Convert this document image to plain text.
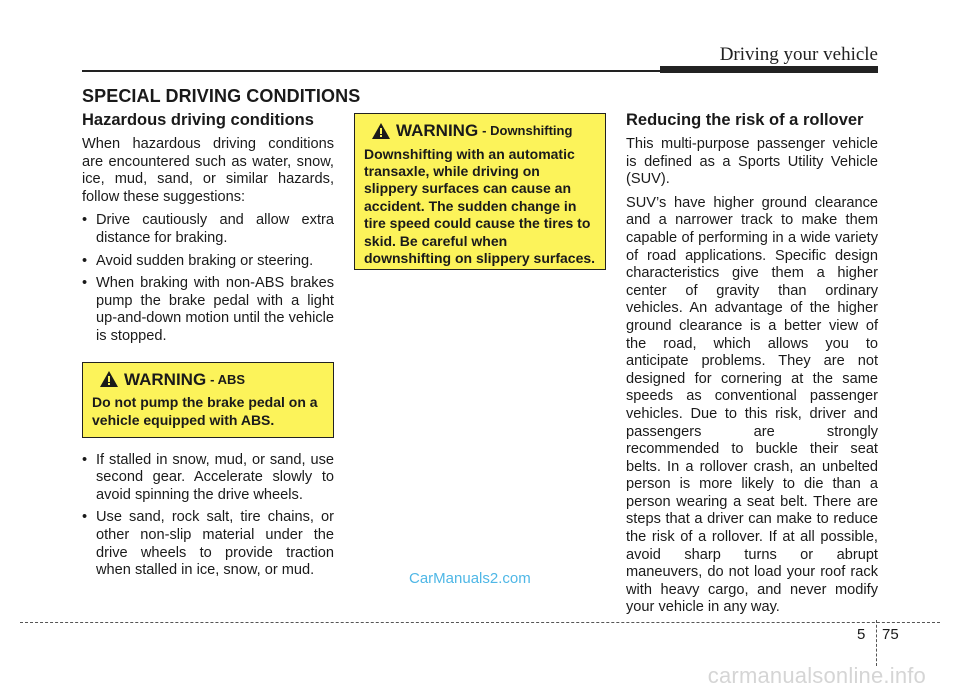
Driving your vehicle
SPECIAL DRIVING CONDITIONS
Hazardous driving conditions

When hazardous driving conditions are encountered such as water, snow, ice, mud, sand, or similar hazards, follow these suggestions:

• Drive cautiously and allow extra distance for braking.
• Avoid sudden braking or steering.
• When braking with non-ABS brakes pump the brake pedal with a light up-and-down motion until the vehicle is stopped.
WARNING - ABS
Do not pump the brake pedal on a vehicle equipped with ABS.
• If stalled in snow, mud, or sand, use second gear. Accelerate slowly to avoid spinning the drive wheels.
• Use sand, rock salt, tire chains, or other non-slip material under the drive wheels to provide traction when stalled in ice, snow, or mud.
WARNING - Downshifting
Downshifting with an automatic transaxle, while driving on slippery surfaces can cause an accident. The sudden change in tire speed could cause the tires to skid. Be careful when downshifting on slippery surfaces.
Reducing the risk of a rollover

This multi-purpose passenger vehicle is defined as a Sports Utility Vehicle (SUV).

SUV’s have higher ground clearance and a narrower track to make them capable of performing in a wide variety of road applications. Specific design characteristics give them a higher center of gravity than ordinary vehicles. An advantage of the higher ground clearance is a better view of the road, which allows you to anticipate problems. They are not designed for cornering at the same speeds as conventional passenger vehicles. Due to this risk, driver and passengers are strongly recommended to buckle their seat belts. In a rollover crash, an unbelted person is more likely to die than a person wearing a seat belt. There are steps that a driver can make to reduce the risk of a rollover. If at all possible, avoid sharp turns or abrupt maneuvers, do not load your roof rack with heavy cargo, and never modify your vehicle in any way.

CarManuals2.com
5 75
carmanualsonline.info
